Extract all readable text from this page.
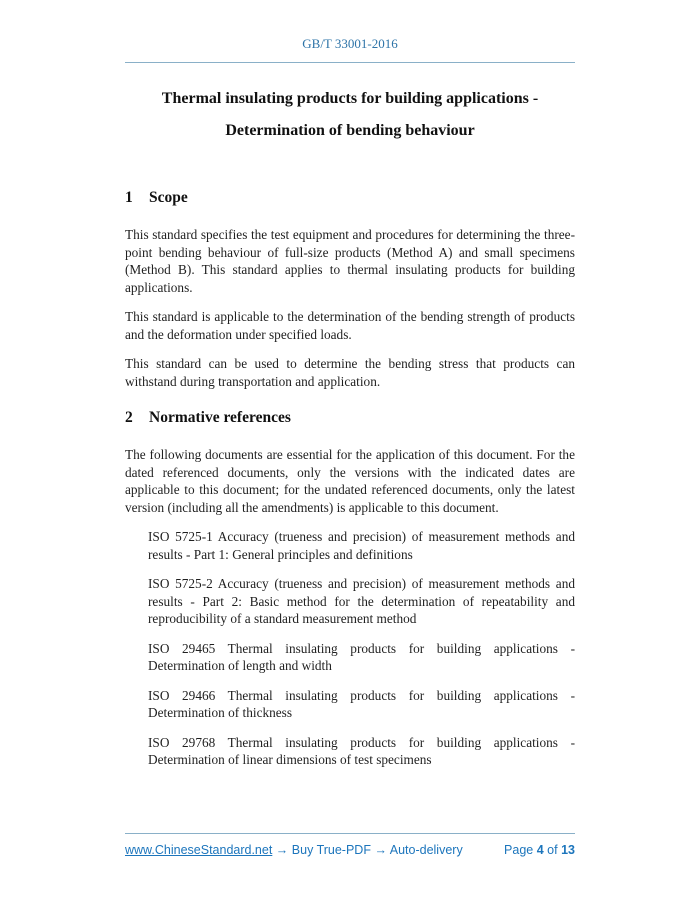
GB/T 33001-2016
Thermal insulating products for building applications -
Determination of bending behaviour
1 Scope

This standard specifies the test equipment and procedures for determining the three-point bending behaviour of full-size products (Method A) and small specimens (Method B). This standard applies to thermal insulating products for building applications.

This standard is applicable to the determination of the bending strength of products and the deformation under specified loads.

This standard can be used to determine the bending stress that products can withstand during transportation and application.

2 Normative references

The following documents are essential for the application of this document. For the dated referenced documents, only the versions with the indicated dates are applicable to this document; for the undated referenced documents, only the latest version (including all the amendments) is applicable to this document.

ISO 5725-1 Accuracy (trueness and precision) of measurement methods and results - Part 1: General principles and definitions

ISO 5725-2 Accuracy (trueness and precision) of measurement methods and results - Part 2: Basic method for the determination of repeatability and reproducibility of a standard measurement method

ISO 29465 Thermal insulating products for building applications - Determination of length and width

ISO 29466 Thermal insulating products for building applications - Determination of thickness

ISO 29768 Thermal insulating products for building applications - Determination of linear dimensions of test specimens

www.ChineseStandard.net → Buy True-PDF → Auto-delivery	Page 4 of 13
